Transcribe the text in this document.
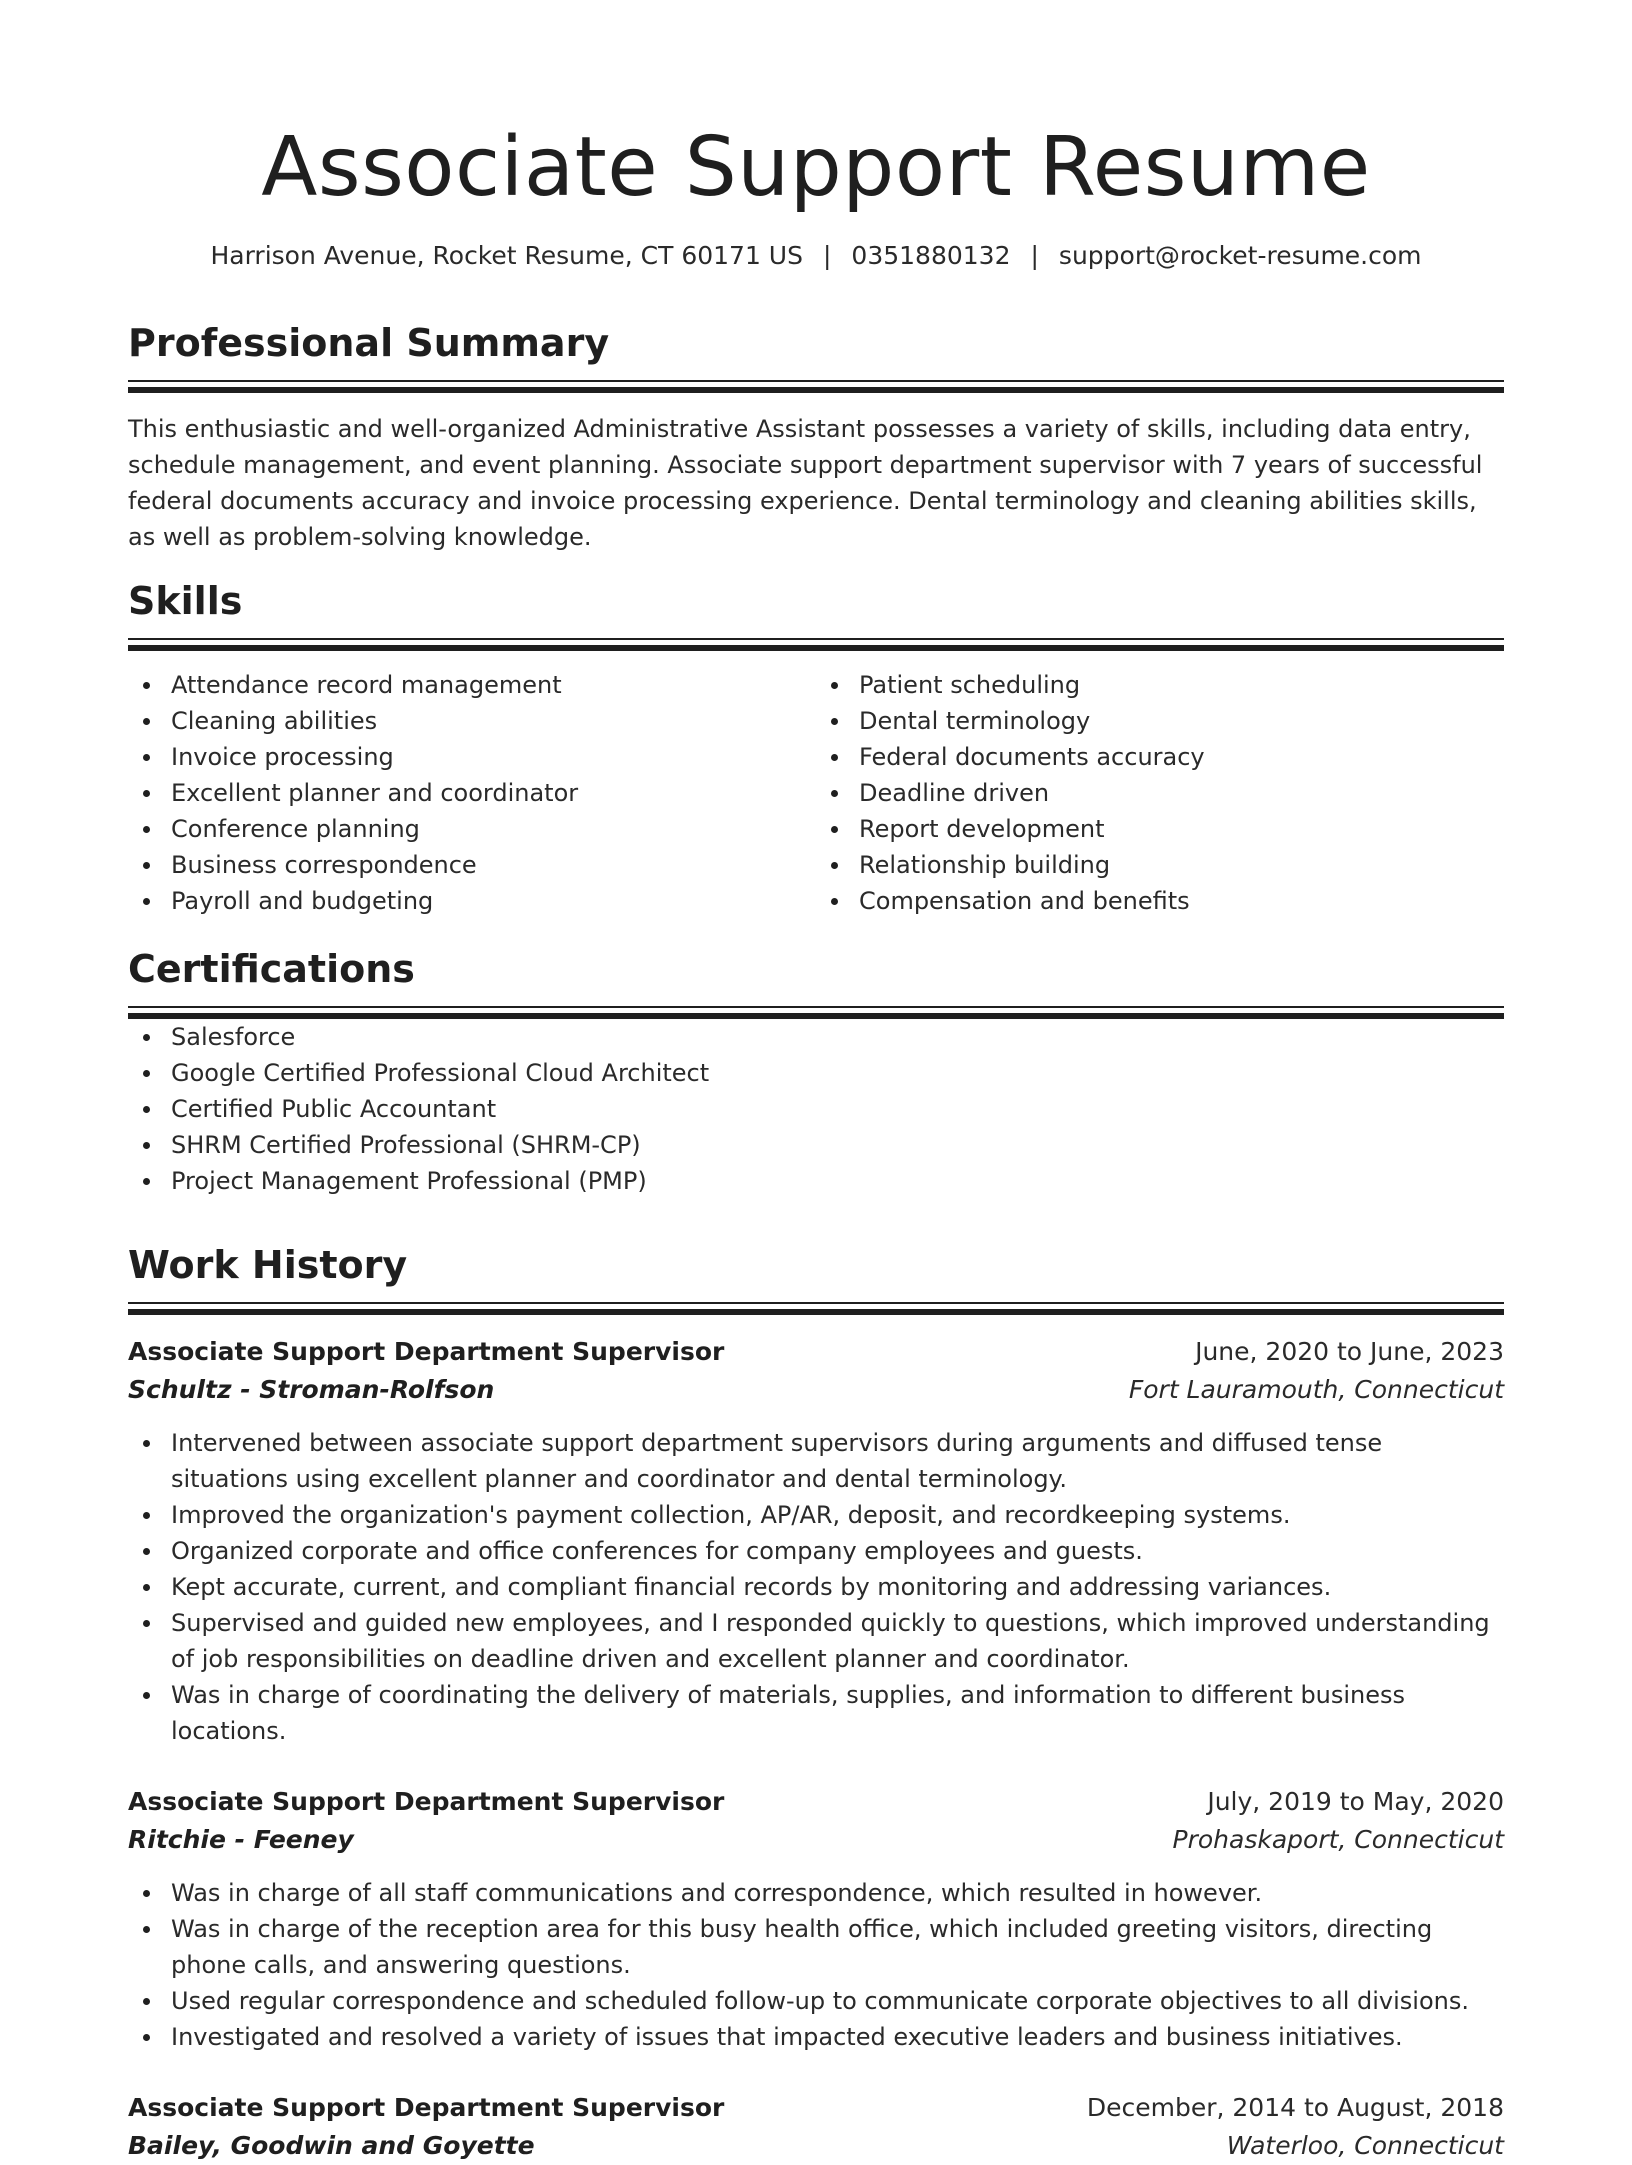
Associate Support Resume
Harrison Avenue, Rocket Resume, CT 60171 US | 0351880132 | support@rocket-resume.com
Professional Summary

This enthusiastic and well-organized Administrative Assistant possesses a variety of skills, including data entry, schedule management, and event planning. Associate support department supervisor with 7 years of successful federal documents accuracy and invoice processing experience. Dental terminology and cleaning abilities skills, as well as problem-solving knowledge.

Skills
Attendance record management
Cleaning abilities
Invoice processing
Excellent planner and coordinator
Conference planning
Business correspondence
Payroll and budgeting
Patient scheduling
Dental terminology
Federal documents accuracy
Deadline driven
Report development
Relationship building
Compensation and benefits
Certifications
Salesforce
Google Certified Professional Cloud Architect
Certified Public Accountant
SHRM Certified Professional (SHRM-CP)
Project Management Professional (PMP)
Work History
Associate Support Department Supervisor	June, 2020 to June, 2023
Schultz - Stroman-Rolfson	Fort Lauramouth, Connecticut
Intervened between associate support department supervisors during arguments and diffused tense situations using excellent planner and coordinator and dental terminology.
Improved the organization's payment collection, AP/AR, deposit, and recordkeeping systems.
Organized corporate and office conferences for company employees and guests.
Kept accurate, current, and compliant financial records by monitoring and addressing variances.
Supervised and guided new employees, and I responded quickly to questions, which improved understanding of job responsibilities on deadline driven and excellent planner and coordinator.
Was in charge of coordinating the delivery of materials, supplies, and information to different business locations.
Associate Support Department Supervisor	July, 2019 to May, 2020
Ritchie - Feeney	Prohaskaport, Connecticut
Was in charge of all staff communications and correspondence, which resulted in however.
Was in charge of the reception area for this busy health office, which included greeting visitors, directing phone calls, and answering questions.
Used regular correspondence and scheduled follow-up to communicate corporate objectives to all divisions.
Investigated and resolved a variety of issues that impacted executive leaders and business initiatives.
Associate Support Department Supervisor	December, 2014 to August, 2018
Bailey, Goodwin and Goyette	Waterloo, Connecticut
